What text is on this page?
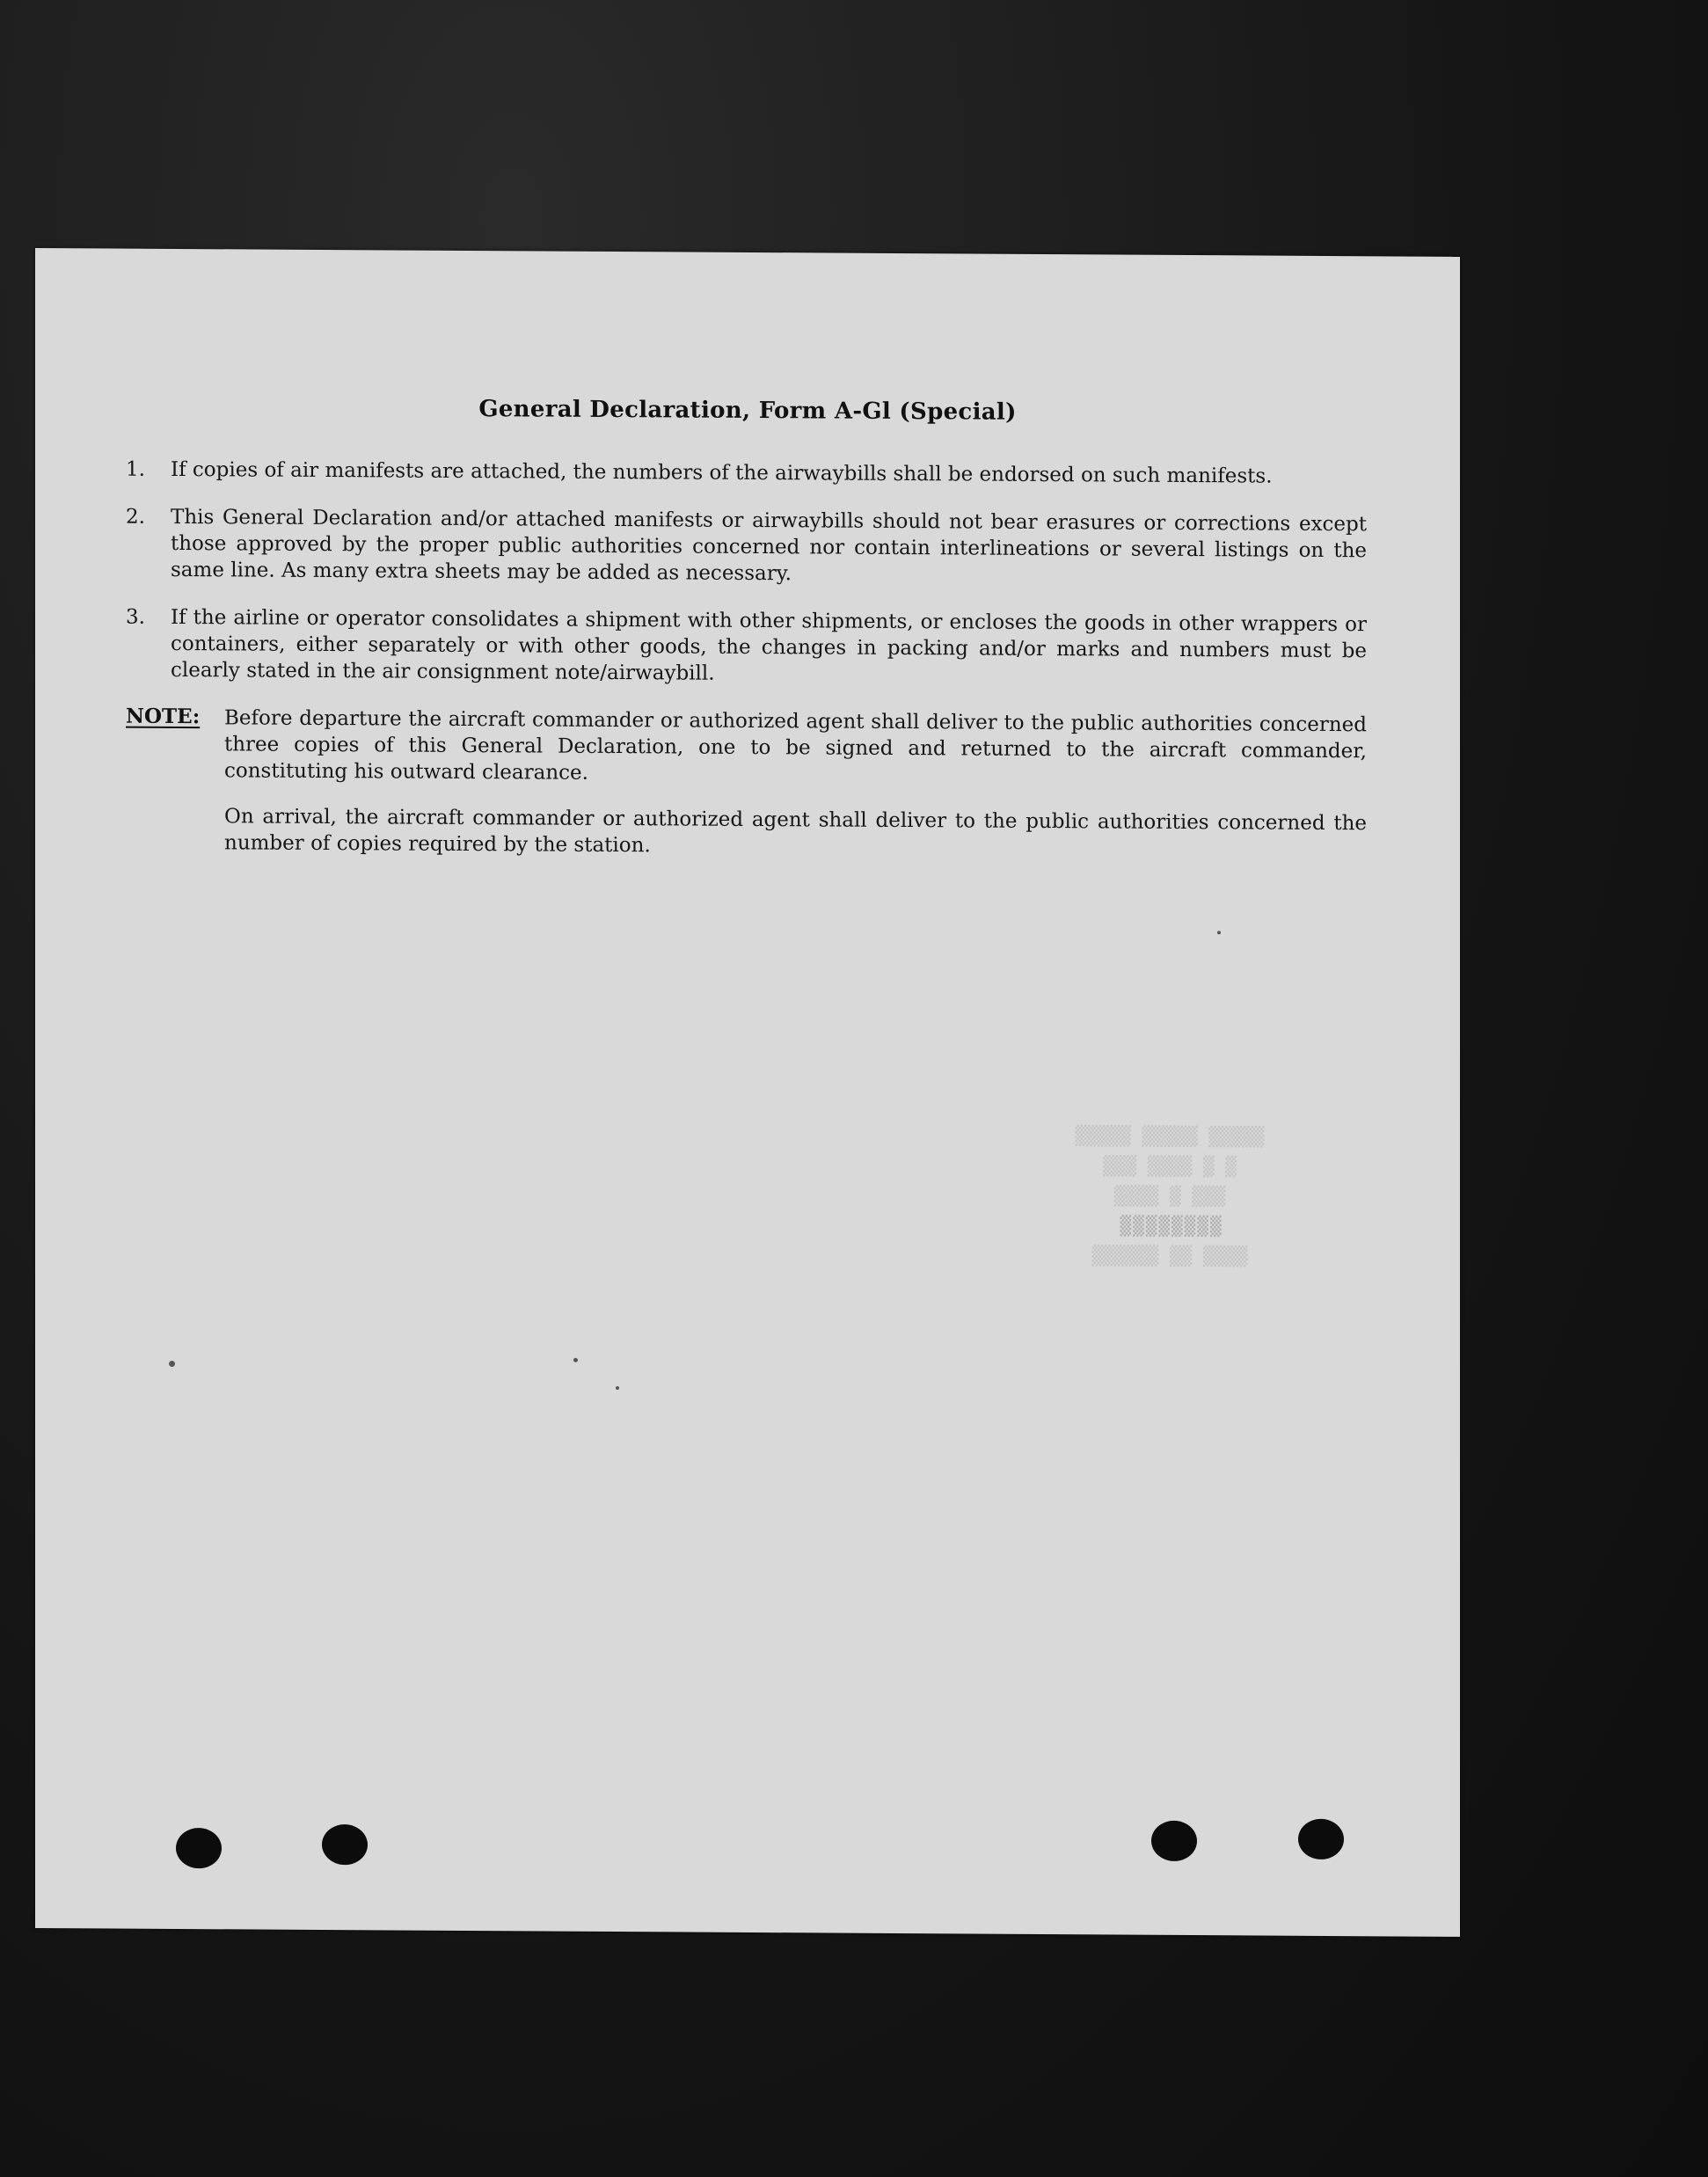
General Declaration, Form A-Gl (Special)
1. If copies of air manifests are attached, the numbers of the airwaybills shall be endorsed on such manifests.
2. This General Declaration and/or attached manifests or airwaybills should not bear erasures or corrections except those approved by the proper public authorities concerned nor contain interlineations or several listings on the same line. As many extra sheets may be added as necessary.
3. If the airline or operator consolidates a shipment with other shipments, or encloses the goods in other wrappers or containers, either separately or with other goods, the changes in packing and/or marks and numbers must be clearly stated in the air consignment note/airwaybill.
NOTE: Before departure the aircraft commander or authorized agent shall deliver to the public authorities concerned three copies of this General Declaration, one to be signed and returned to the aircraft commander, constituting his outward clearance.
On arrival, the aircraft commander or authorized agent shall deliver to the public authorities concerned the number of copies required by the station.
▒▒▒▒▒ ▒▒▒▒▒ ▒▒▒▒▒
▒ ▒ ▒▒▒▒ ▒▒▒
▒▒▒ ▒ ▒▒▒▒
▒▒▒▒▒▒▒▒
▒▒▒▒ ▒▒ ▒▒▒▒▒▒
